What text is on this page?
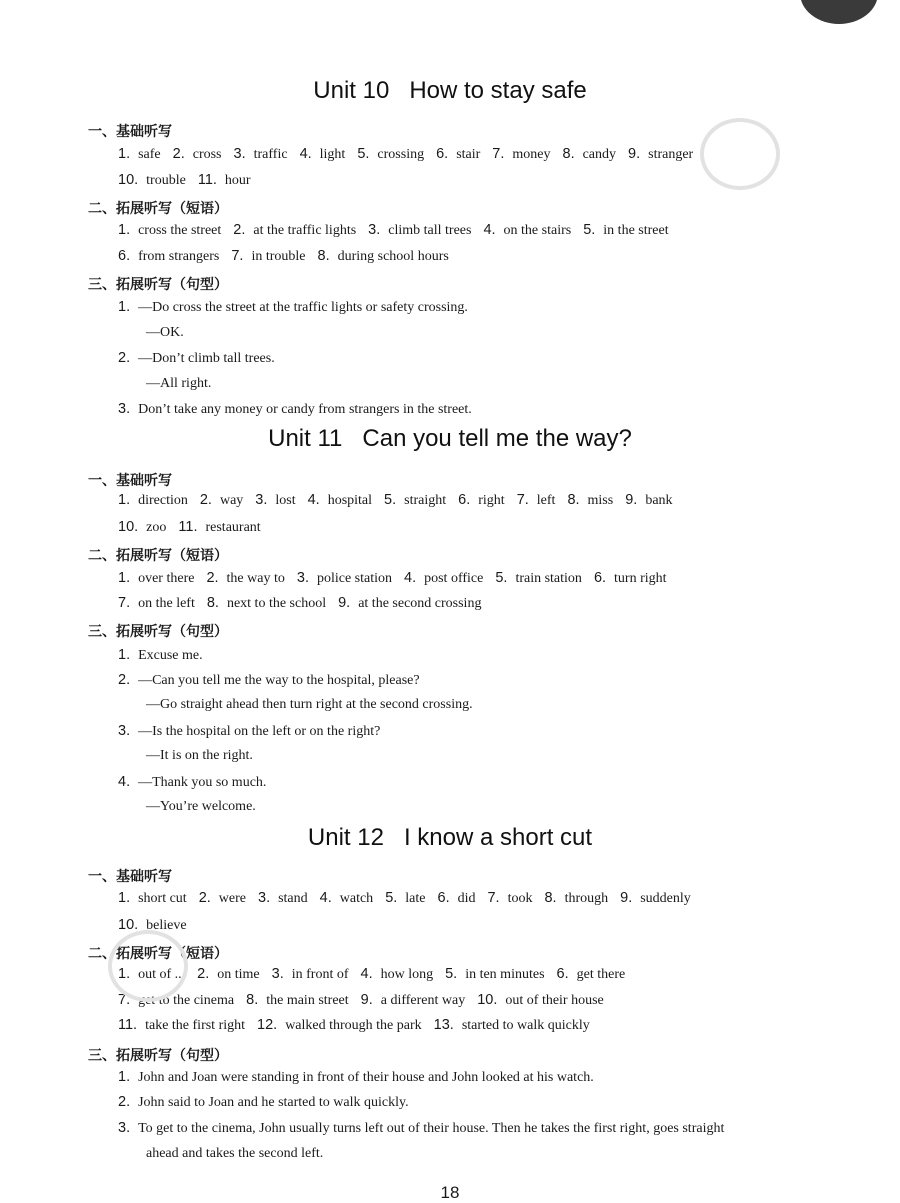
Unit 10 How to stay safe
一、基础听写
1. safe 2. cross 3. traffic 4. light 5. crossing 6. stair 7. money 8. candy 9. stranger
10. trouble 11. hour
二、拓展听写（短语）
1. cross the street 2. at the traffic lights 3. climb tall trees 4. on the stairs 5. in the street
6. from strangers 7. in trouble 8. during school hours
三、拓展听写（句型）
1. —Do cross the street at the traffic lights or safety crossing.
—OK.
2. —Don’t climb tall trees.
—All right.
3. Don’t take any money or candy from strangers in the street.
Unit 11 Can you tell me the way?
一、基础听写
1. direction 2. way 3. lost 4. hospital 5. straight 6. right 7. left 8. miss 9. bank
10. zoo 11. restaurant
二、拓展听写（短语）
1. over there 2. the way to 3. police station 4. post office 5. train station 6. turn right
7. on the left 8. next to the school 9. at the second crossing
三、拓展听写（句型）
1. Excuse me.
2. —Can you tell me the way to the hospital, please?
—Go straight ahead then turn right at the second crossing.
3. —Is the hospital on the left or on the right?
—It is on the right.
4. —Thank you so much.
—You’re welcome.
Unit 12 I know a short cut
一、基础听写
1. short cut 2. were 3. stand 4. watch 5. late 6. did 7. took 8. through 9. suddenly
10. believe
二、拓展听写（短语）
1. out of ... 2. on time 3. in front of 4. how long 5. in ten minutes 6. get there
7. get to the cinema 8. the main street 9. a different way 10. out of their house
11. take the first right 12. walked through the park 13. started to walk quickly
三、拓展听写（句型）
1. John and Joan were standing in front of their house and John looked at his watch.
2. John said to Joan and he started to walk quickly.
3. To get to the cinema, John usually turns left out of their house. Then he takes the first right, goes straight
ahead and takes the second left.
18
